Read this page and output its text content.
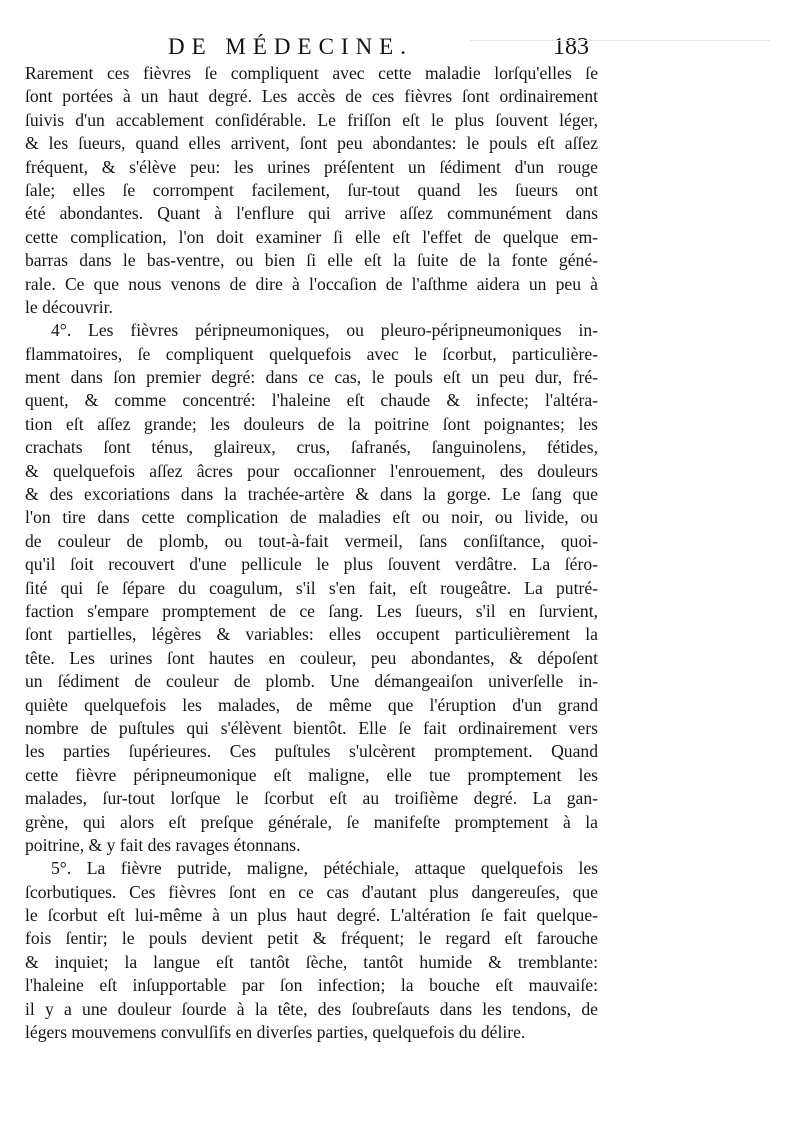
DE MÉDECINE.	183
Rarement ces fièvres ſe compliquent avec cette maladie lorſqu'elles ſe
ſont portées à un haut degré. Les accès de ces fièvres ſont ordinairement
ſuivis d'un accablement conſidérable. Le friſſon eſt le plus ſouvent léger,
& les ſueurs, quand elles arrivent, ſont peu abondantes: le pouls eſt aſſez
fréquent, & s'élève peu: les urines préſentent un ſédiment d'un rouge
ſale; elles ſe corrompent facilement, ſur-tout quand les ſueurs ont
été abondantes. Quant à l'enflure qui arrive aſſez communément dans
cette complication, l'on doit examiner ſi elle eſt l'effet de quelque em-
barras dans le bas-ventre, ou bien ſi elle eſt la ſuite de la fonte géné-
rale. Ce que nous venons de dire à l'occaſion de l'aſthme aidera un peu à
le découvrir.
4°. Les fièvres péripneumoniques, ou pleuro-péripneumoniques in-
flammatoires, ſe compliquent quelquefois avec le ſcorbut, particulière-
ment dans ſon premier degré: dans ce cas, le pouls eſt un peu dur, fré-
quent, & comme concentré: l'haleine eſt chaude & infecte; l'altéra-
tion eſt aſſez grande; les douleurs de la poitrine ſont poignantes; les
crachats ſont ténus, glaireux, crus, ſafranés, ſanguinolens, fétides,
& quelquefois aſſez âcres pour occaſionner l'enrouement, des douleurs
& des excoriations dans la trachée-artère & dans la gorge. Le ſang que
l'on tire dans cette complication de maladies eſt ou noir, ou livide, ou
de couleur de plomb, ou tout-à-fait vermeil, ſans conſiſtance, quoi-
qu'il ſoit recouvert d'une pellicule le plus ſouvent verdâtre. La ſéro-
ſité qui ſe ſépare du coagulum, s'il s'en fait, eſt rougeâtre. La putré-
faction s'empare promptement de ce ſang. Les ſueurs, s'il en ſurvient,
ſont partielles, légères & variables: elles occupent particulièrement la
tête. Les urines ſont hautes en couleur, peu abondantes, & dépoſent
un ſédiment de couleur de plomb. Une démangeaiſon univerſelle in-
quiète quelquefois les malades, de même que l'éruption d'un grand
nombre de puſtules qui s'élèvent bientôt. Elle ſe fait ordinairement vers
les parties ſupérieures. Ces puſtules s'ulcèrent promptement. Quand
cette fièvre péripneumonique eſt maligne, elle tue promptement les
malades, ſur-tout lorſque le ſcorbut eſt au troiſième degré. La gan-
grène, qui alors eſt preſque générale, ſe manifeſte promptement à la
poitrine, & y fait des ravages étonnans.
5°. La fièvre putride, maligne, pétéchiale, attaque quelquefois les
ſcorbutiques. Ces fièvres ſont en ce cas d'autant plus dangereuſes, que
le ſcorbut eſt lui-même à un plus haut degré. L'altération ſe fait quelque-
fois ſentir; le pouls devient petit & fréquent; le regard eſt farouche
& inquiet; la langue eſt tantôt ſèche, tantôt humide & tremblante:
l'haleine eſt inſupportable par ſon infection; la bouche eſt mauvaiſe:
il y a une douleur ſourde à la tête, des ſoubreſauts dans les tendons, de
légers mouvemens convulſifs en diverſes parties, quelquefois du délire.
